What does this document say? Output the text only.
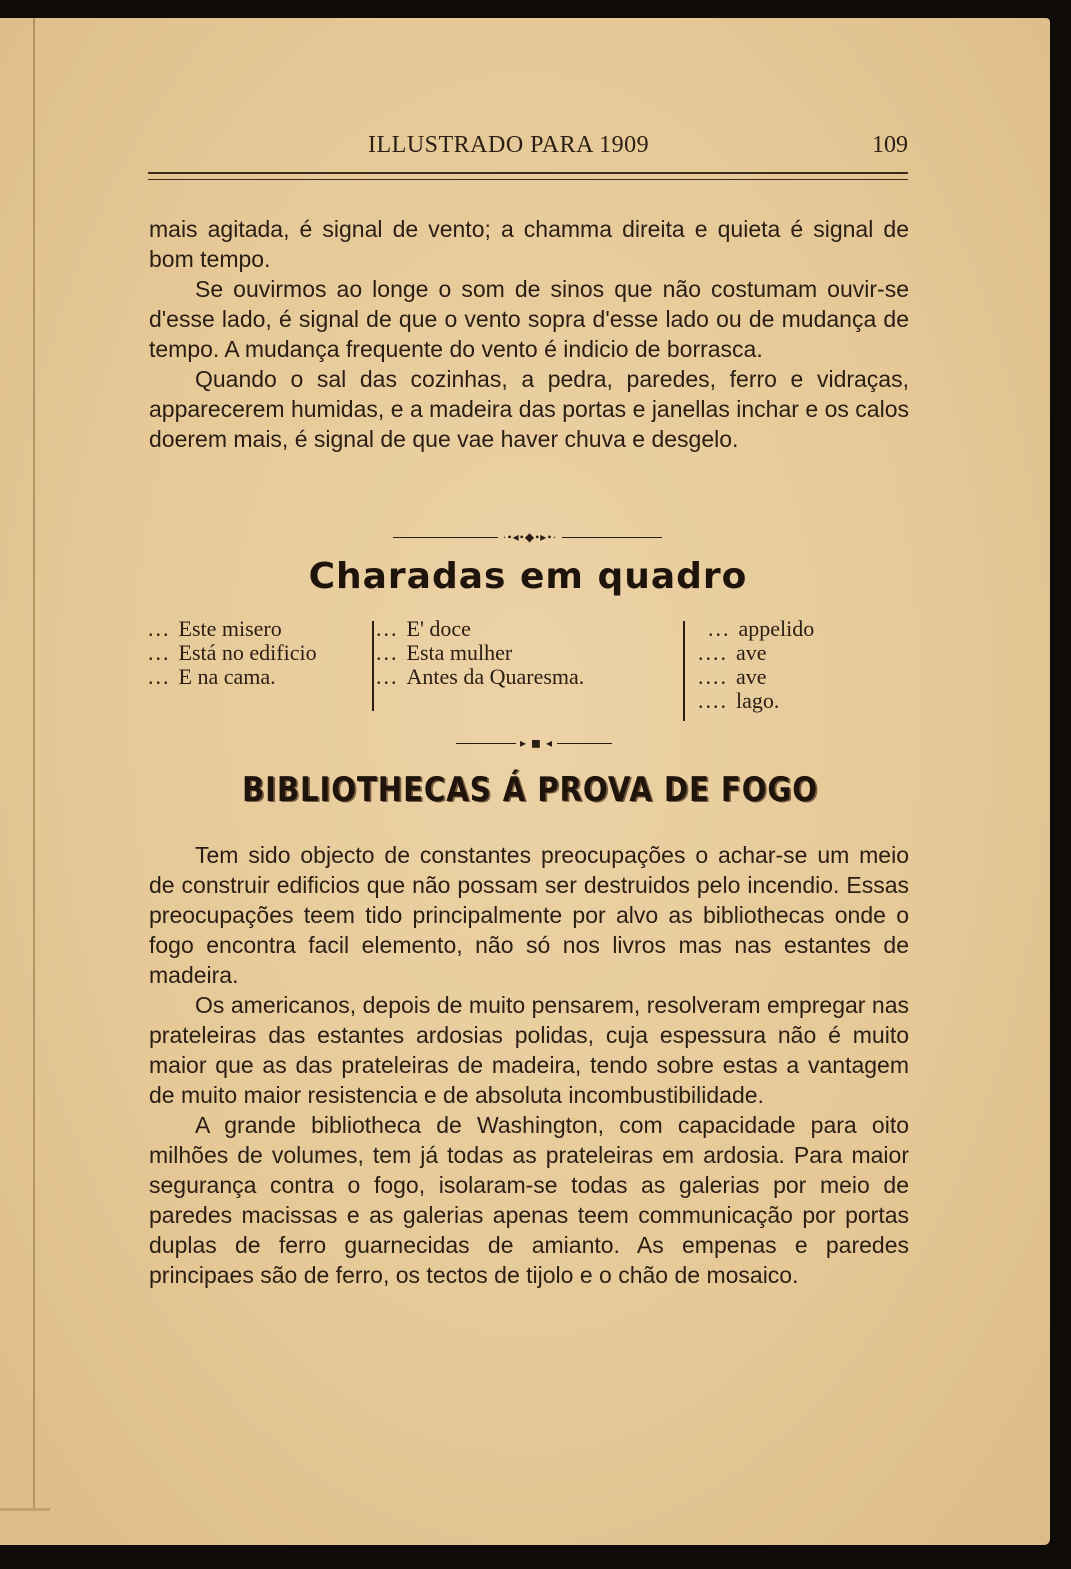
ILLUSTRADO PARA 1909	109

mais agitada, é signal de vento; a chamma direita e quieta é signal de bom tempo.

Se ouvirmos ao longe o som de sinos que não costumam ouvir-se d'esse lado, é signal de que o vento sopra d'esse lado ou de mudança de tempo. A mudança frequente do vento é indicio de borrasca.

Quando o sal das cozinhas, a pedra, paredes, ferro e vidraças, apparecerem humidas, e a madeira das portas e janellas inchar e os calos doerem mais, é signal de que vae haver chuva e desgelo.

·•◂•◆•▸•·
Charadas em quadro
... Este misero
... Está no edificio
... E na cama.
... E' doce
... Esta mulher
... Antes da Quaresma.
... appelido
.... ave
.... ave
.... lago.
▸ ◼ ◂
BIBLIOTHECAS Á PROVA DE FOGO

Tem sido objecto de constantes preocupações o achar-se um meio de construir edificios que não possam ser destruidos pelo incendio. Essas preocupações teem tido principalmente por alvo as bibliothecas onde o fogo encontra facil elemento, não só nos livros mas nas estantes de madeira.

Os americanos, depois de muito pensarem, resolveram empregar nas prateleiras das estantes ardosias polidas, cuja espessura não é muito maior que as das prateleiras de madeira, tendo sobre estas a vantagem de muito maior resistencia e de absoluta incombustibilidade.

A grande bibliotheca de Washington, com capacidade para oito milhões de volumes, tem já todas as prateleiras em ardosia. Para maior segurança contra o fogo, isolaram-se todas as galerias por meio de paredes macissas e as galerias apenas teem communicação por portas duplas de ferro guarnecidas de amianto. As empenas e paredes principaes são de ferro, os tectos de tijolo e o chão de mosaico.
